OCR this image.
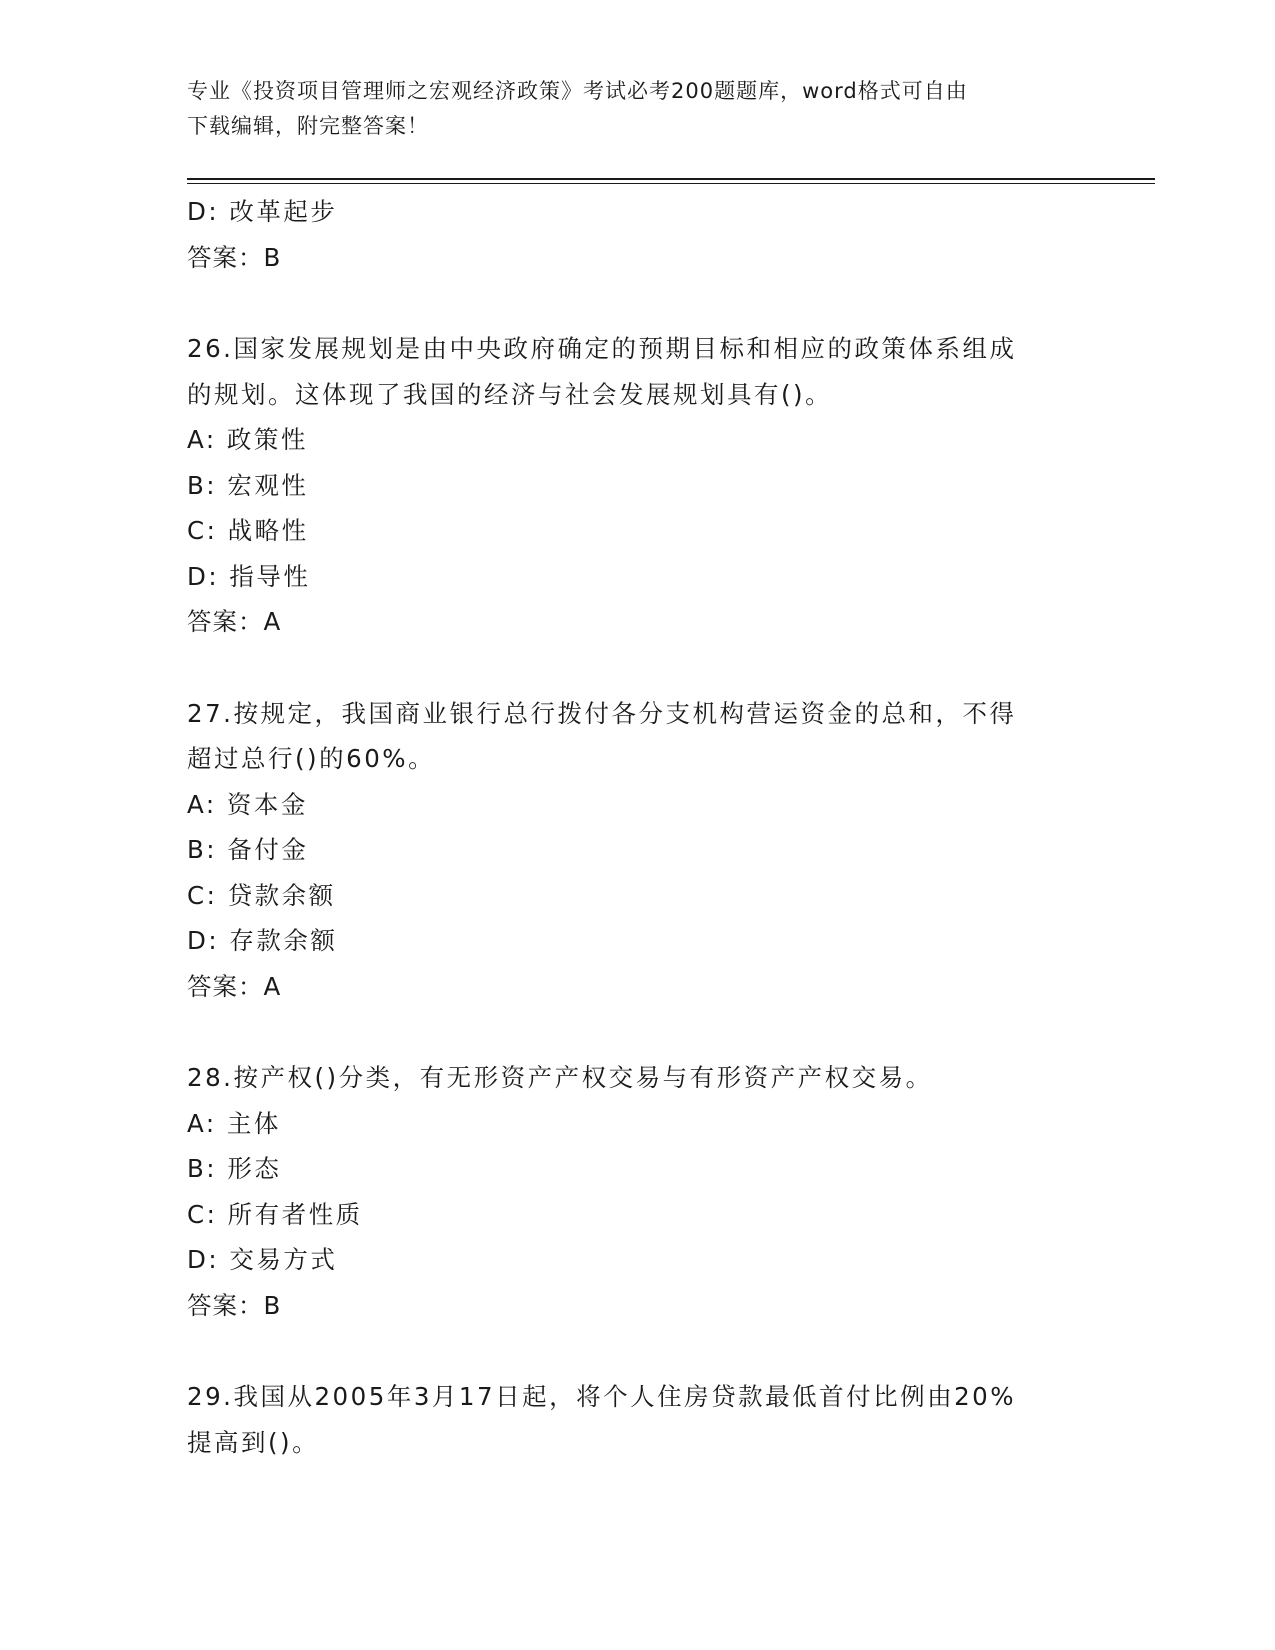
专业《投资项目管理师之宏观经济政策》考试必考200题题库，word格式可自由
下载编辑，附完整答案！
D: 改革起步
答案：B
26.国家发展规划是由中央政府确定的预期目标和相应的政策体系组成
的规划。这体现了我国的经济与社会发展规划具有()。
A: 政策性
B: 宏观性
C: 战略性
D: 指导性
答案：A
27.按规定，我国商业银行总行拨付各分支机构营运资金的总和，不得
超过总行()的60%。
A: 资本金
B: 备付金
C: 贷款余额
D: 存款余额
答案：A
28.按产权()分类，有无形资产产权交易与有形资产产权交易。
A: 主体
B: 形态
C: 所有者性质
D: 交易方式
答案：B
29.我国从2005年3月17日起，将个人住房贷款最低首付比例由20%
提高到()。
